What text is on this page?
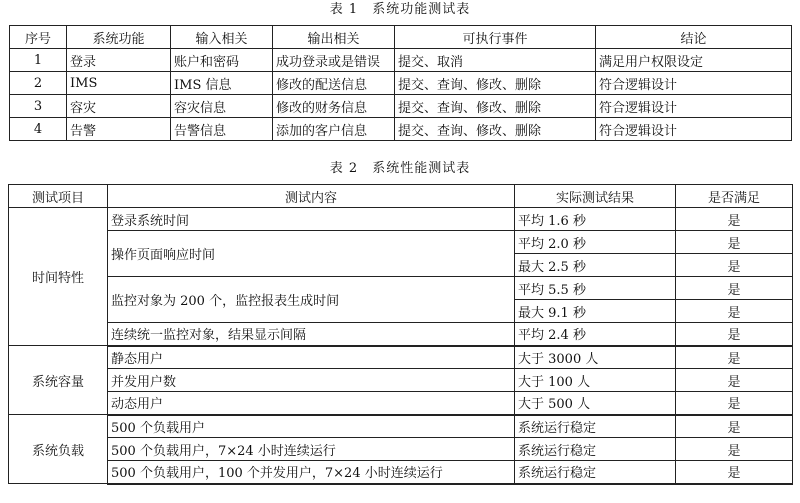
表 1　系统功能测试表
序号	系统功能	输入相关	输出相关	可执行事件	结论
1	登录	账户和密码	成功登录或是错误	提交、取消	满足用户权限设定
2	IMS	IMS 信息	修改的配送信息	提交、查询、修改、删除	符合逻辑设计
3	容灾	容灾信息	修改的财务信息	提交、查询、修改、删除	符合逻辑设计
4	告警	告警信息	添加的客户信息	提交、查询、修改、删除	符合逻辑设计
表 2　系统性能测试表
测试项目	测试内容	实际测试结果	是否满足
时间特性	登录系统时间	平均 1.6 秒	是
	操作页面响应时间	平均 2.0 秒	是
		最大 2.5 秒	是
	监控对象为 200 个，监控报表生成时间	平均 5.5 秒	是
		最大 9.1 秒	是
	连续统一监控对象，结果显示间隔	平均 2.4 秒	是
系统容量	静态用户	大于 3000 人	是
	并发用户数	大于 100 人	是
	动态用户	大于 500 人	是
系统负载	500 个负载用户	系统运行稳定	是
	500 个负载用户，7×24 小时连续运行	系统运行稳定	是
	500 个负载用户，100 个并发用户，7×24 小时连续运行	系统运行稳定	是
